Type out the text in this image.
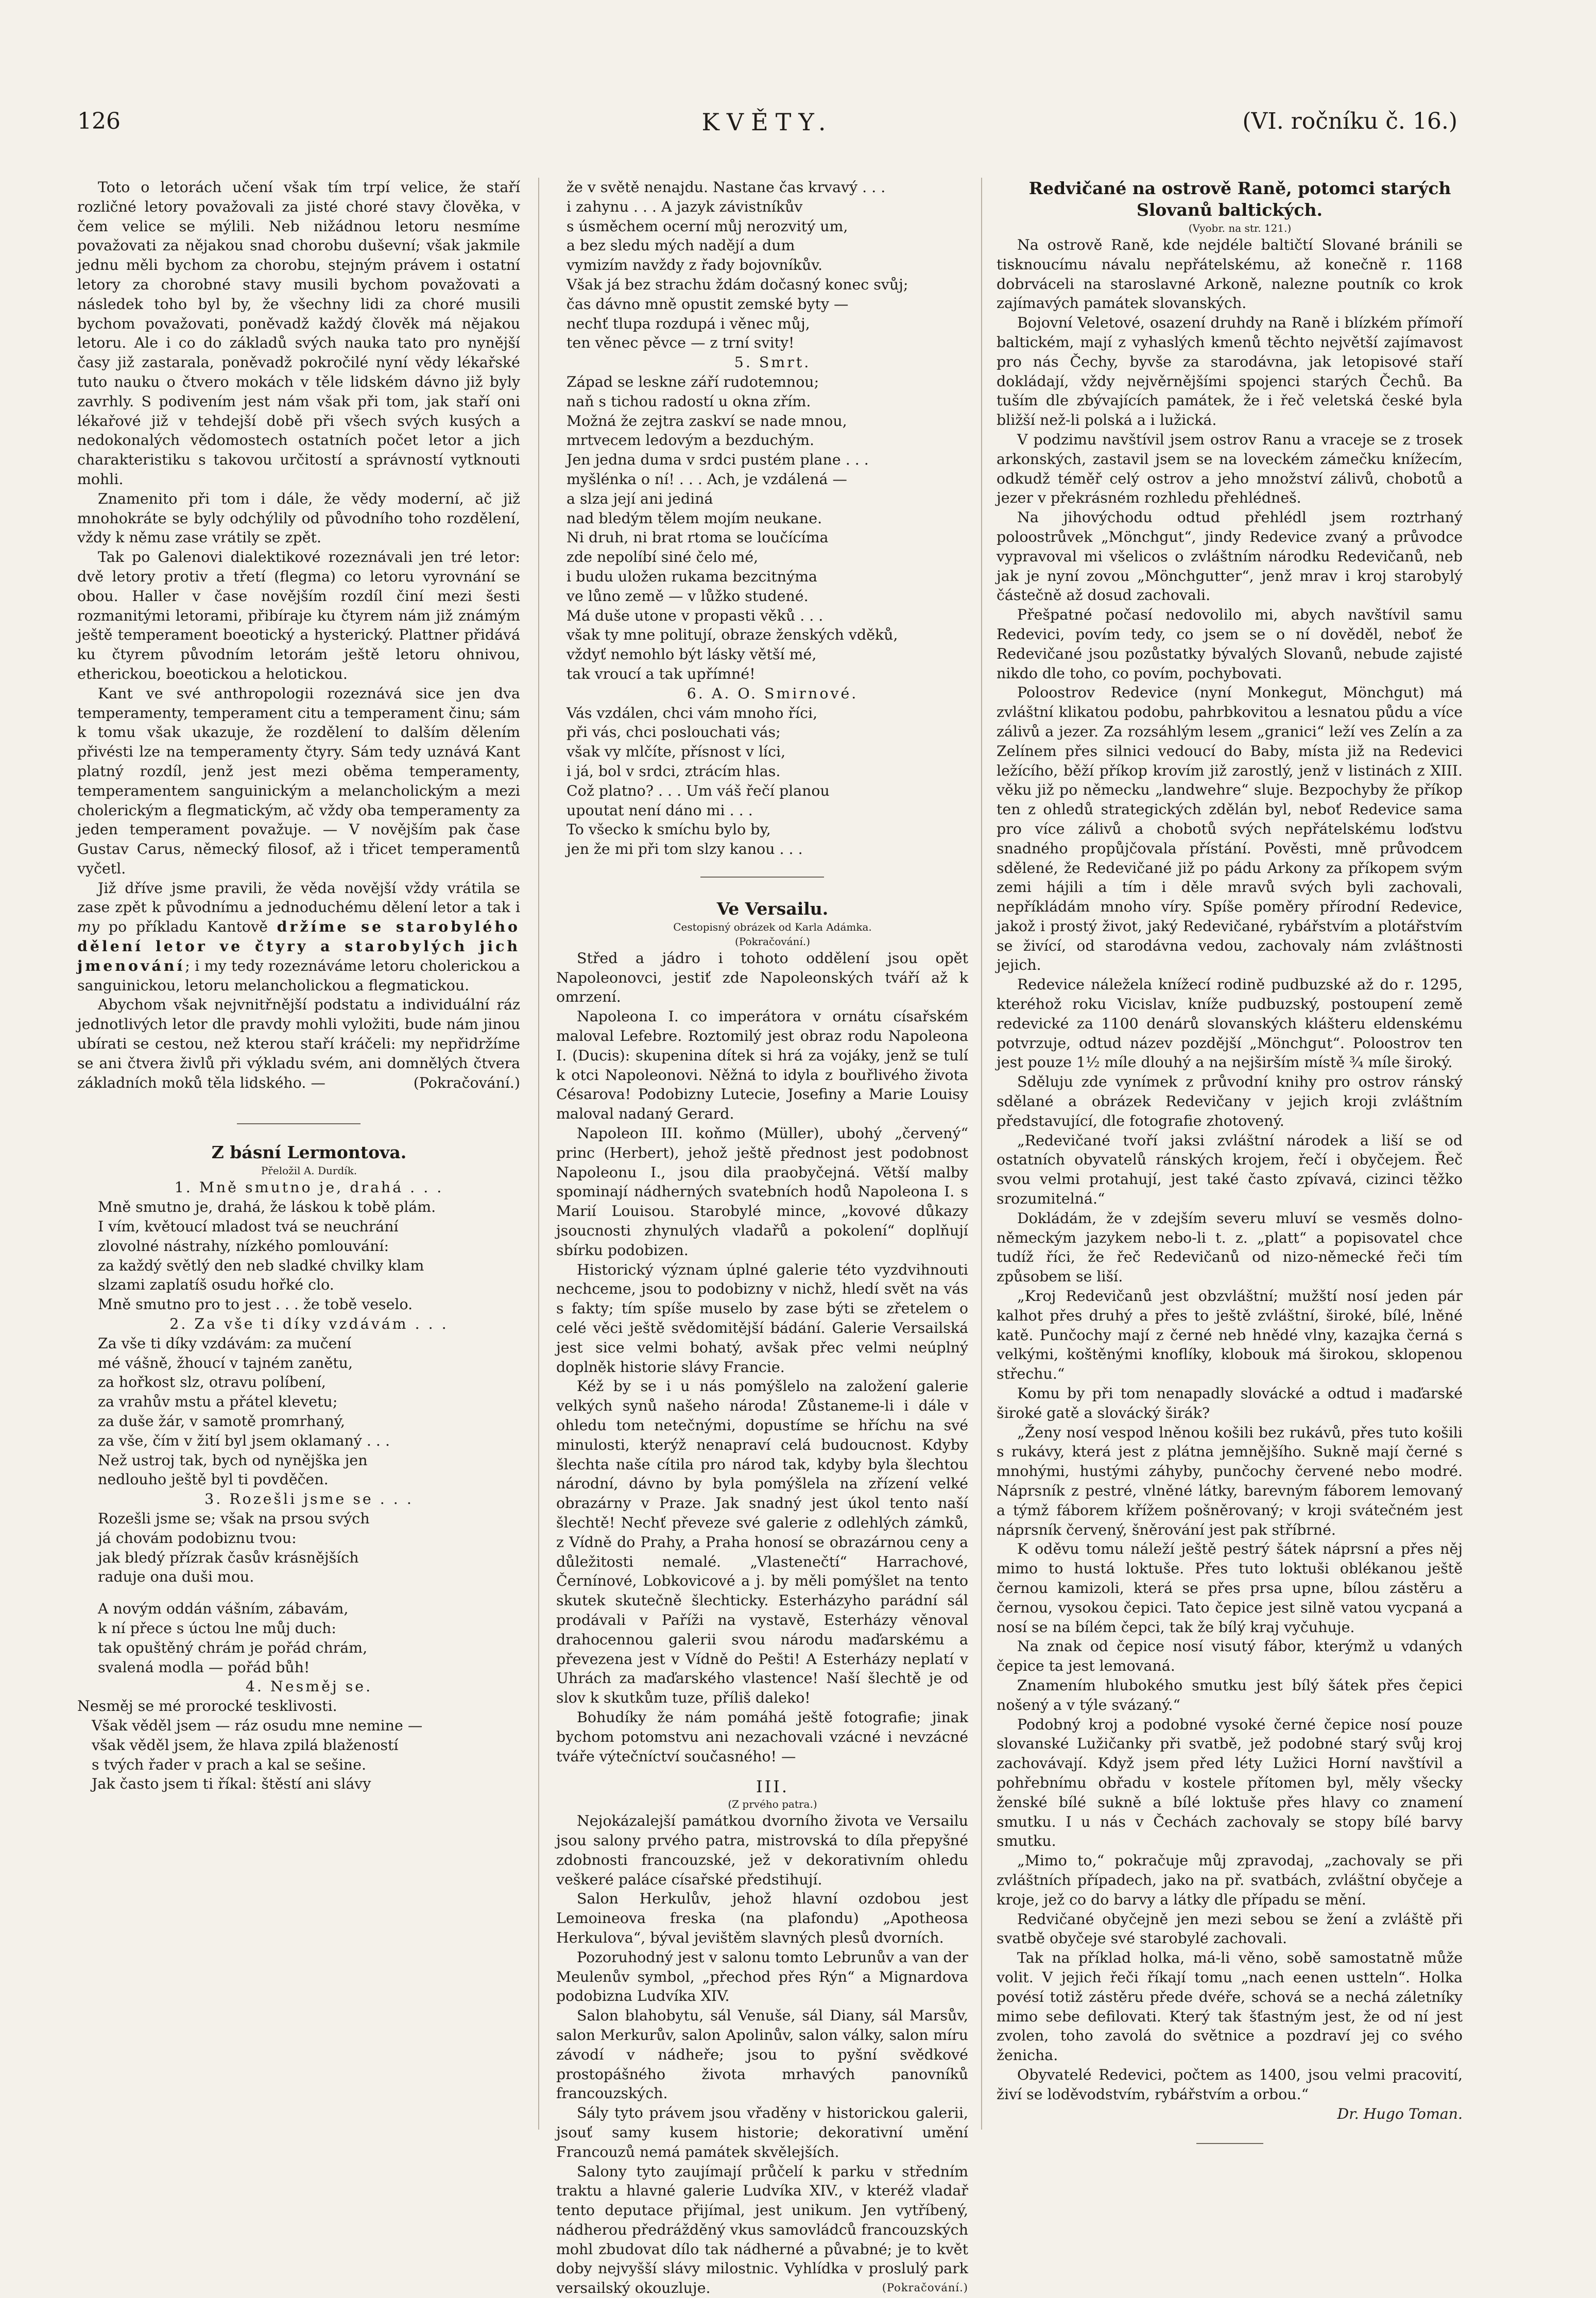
126	KVĚTY.	(VI. ročníku č. 16.)

Toto o letorách učení však tím trpí velice, že staří rozličné letory považovali za jisté choré stavy člověka, v čem velice se mýlili. Neb nižádnou letoru nesmíme považovati za nějakou snad chorobu duševní; však jakmile jednu měli bychom za chorobu, stejným právem i ostatní letory za chorobné stavy musili bychom považovati a následek toho byl by, že všechny lidi za choré musili bychom považovati, poněvadž každý člověk má nějakou letoru. Ale i co do základů svých nauka tato pro nynější časy již zastarala, poněvadž pokročilé nyní vědy lékařské tuto nauku o čtvero mokách v těle lidském dávno již byly zavrhly. S podivením jest nám však při tom, jak staří oni lékařové již v tehdejší době při všech svých kusých a nedokonalých vědomostech ostatních počet letor a jich charakteristiku s takovou určitostí a správností vytknouti mohli.

Znamenito při tom i dále, že vědy moderní, ač již mnohokráte se byly odchýlily od původního toho rozdělení, vždy k němu zase vrátily se zpět.

Tak po Galenovi dialektikové rozeznávali jen tré letor: dvě letory protiv a třetí (flegma) co letoru vyrovnání se obou. Haller v čase novějším rozdíl činí mezi šesti rozmanitými letorami, přibíraje ku čtyrem nám již známým ještě temperament boeotický a hysterický. Plattner přidává ku čtyrem původním letorám ještě letoru ohnivou, etherickou, boeotickou a helotickou.

Kant ve své anthropologii rozeznává sice jen dva temperamenty, temperament citu a temperament činu; sám k tomu však ukazuje, že rozdělení to dalším dělením přivésti lze na temperamenty čtyry. Sám tedy uznává Kant platný rozdíl, jenž jest mezi oběma temperamenty, temperamentem sanguinickým a melancholickým a mezi cholerickým a flegmatickým, ač vždy oba temperamenty za jeden temperament považuje. — V novějším pak čase Gustav Carus, německý filosof, až i třicet temperamentů vyčetl.

Již dříve jsme pravili, že věda novější vždy vrátila se zase zpět k původnímu a jednoduchému dělení letor a tak i my po příkladu Kantově držíme se starobylého dělení letor ve čtyry a starobylých jich jmenování; i my tedy rozeznáváme letoru cholerickou a sanguinickou, letoru melancholickou a flegmatickou.

Abychom však nejvnitřnější podstatu a individuální ráz jednotlivých letor dle pravdy mohli vyložiti, bude nám jinou ubírati se cestou, než kterou staří kráčeli: my nepřidržíme se ani čtvera živlů při výkladu svém, ani domnělých čtvera základních moků těla lidského. —	(Pokračování.)

Z básní Lermontova.

Přeložil A. Durdík.

1. Mně smutno je, drahá . . .

Mně smutno je, drahá, že láskou k tobě plám.
I vím, květoucí mladost tvá se neuchrání
zlovolné nástrahy, nízkého pomlouvání:
za každý světlý den neb sladké chvilky klam
slzami zaplatíš osudu hořké clo.
Mně smutno pro to jest . . . že tobě veselo.

2. Za vše ti díky vzdávám . . .

Za vše ti díky vzdávám: za mučení
mé vášně, žhoucí v tajném zanětu,
za hořkost slz, otravu políbení,
za vrahův mstu a přátel klevetu;
za duše žár, v samotě promrhaný,
za vše, čím v žití byl jsem oklamaný . . .
Než ustroj tak, bych od nynějška jen
nedlouho ještě byl ti povděčen.

3. Rozešli jsme se . . .

Rozešli jsme se; však na prsou svých
já chovám podobiznu tvou:
jak bledý přízrak časův krásnějších
raduje ona duši mou.
A novým oddán vášním, zábavám,
k ní přece s úctou lne můj duch:
tak opuštěný chrám je pořád chrám,
svalená modla — pořád bůh!

4. Nesměj se.

Nesměj se mé prorocké tesklivosti.
Však věděl jsem — ráz osudu mne nemine —
však věděl jsem, že hlava zpilá blažeností
s tvých řader v prach a kal se sešine.
Jak často jsem ti říkal: štěstí ani slávy
že v světě nenajdu. Nastane čas krvavý . . .
i zahynu . . . A jazyk závistníkův
s úsměchem ocerní můj nerozvitý um,
a bez sledu mých nadějí a dum
vymizím navždy z řady bojovníkův.
Však já bez strachu ždám dočasný konec svůj;
čas dávno mně opustit zemské byty —
nechť tlupa rozdupá i věnec můj,
ten věnec pěvce — z trní svity!

5. Smrt.

Západ se leskne září rudotemnou;
naň s tichou radostí u okna zřím.
Možná že zejtra zaskví se nade mnou,
mrtvecem ledovým a bezduchým.
Jen jedna duma v srdci pustém plane . . .
myšlénka o ní! . . . Ach, je vzdálená —
a slza její ani jediná
nad bledým tělem mojím neukane.
Ni druh, ni brat rtoma se loučícíma
zde nepolíbí siné čelo mé,
i budu uložen rukama bezcitnýma
ve lůno země — v lůžko studené.
Má duše utone v propasti věků . . .
však ty mne politují, obraze ženských vděků,
vždyť nemohlo být lásky větší mé,
tak vroucí a tak upřímné!

6. A. O. Smirnové.

Vás vzdálen, chci vám mnoho říci,
při vás, chci poslouchati vás;
však vy mlčíte, přísnost v líci,
i já, bol v srdci, ztrácím hlas.
Což platno? . . . Um váš řečí planou
upoutat není dáno mi . . .
To všecko k smíchu bylo by,
jen že mi při tom slzy kanou . . .

Ve Versailu.

Cestopisný obrázek od Karla Adámka.

(Pokračování.)

Střed a jádro i tohoto oddělení jsou opět Napoleonovci, jestiť zde Napoleonských tváří až k omrzení.

Napoleona I. co imperátora v ornátu císařském maloval Lefebre. Roztomilý jest obraz rodu Napoleona I. (Ducis): skupenina dítek si hrá za vojáky, jenž se tulí k otci Napoleonovi. Něžná to idyla z bouřlivého života Césarova! Podobizny Lutecie, Josefiny a Marie Louisy maloval nadaný Gerard.

Napoleon III. koňmo (Müller), ubohý „červený“ princ (Herbert), jehož ještě přednost jest podobnost Napoleonu I., jsou dila praobyčejná. Větší malby spominají nádherných svatebních hodů Napoleona I. s Marií Louisou. Starobylé mince, „kovové důkazy jsoucnosti zhynulých vladařů a pokolení“ doplňují sbírku podobizen.

Historický význam úplné galerie této vyzdvihnouti nechceme, jsou to podobizny v nichž, hledí svět na vás s fakty; tím spíše muselo by zase býti se zřetelem o celé věci ještě svědomitější bádání. Galerie Versailská jest sice velmi bohatý, avšak přec velmi neúplný doplněk historie slávy Francie.

Kéž by se i u nás pomýšlelo na založení galerie velkých synů našeho národa! Zůstaneme-li i dále v ohledu tom netečnými, dopustíme se hříchu na své minulosti, kterýž nenapraví celá budoucnost. Kdyby šlechta naše cítila pro národ tak, kdyby byla šlechtou národní, dávno by byla pomýšlela na zřízení velké obrazárny v Praze. Jak snadný jest úkol tento naší šlechtě! Nechť převeze své galerie z odlehlých zámků, z Vídně do Prahy, a Praha honosí se obrazárnou ceny a důležitosti nemalé. „Vlastenečtí“ Harrachové, Černínové, Lobkovicové a j. by měli pomýšlet na tento skutek skutečně šlechticky. Esterházyho parádní sál prodávali v Paříži na vystavě, Esterházy věnoval drahocennou galerii svou národu maďarskému a převezena jest v Vídně do Pešti! A Esterházy neplatí v Uhrách za maďarského vlastence! Naší šlechtě je od slov k skutkům tuze, příliš daleko!

Bohudíky že nám pomáhá ještě fotografie; jinak bychom potomstvu ani nezachovali vzácné i nevzácné tváře výtečníctví současného! —

III.

(Z prvého patra.)

Nejokázalejší památkou dvorního života ve Versailu jsou salony prvého patra, mistrovská to díla přepyšné zdobnosti francouzské, jež v dekorativním ohledu veškeré paláce císařské předstihují.

Salon Herkulův, jehož hlavní ozdobou jest Lemoineova freska (na plafondu) „Apotheosa Herkulova“, býval jevištěm slavných plesů dvorních.

Pozoruhodný jest v salonu tomto Lebrunův a van der Meulenův symbol, „přechod přes Rýn“ a Mignardova podobizna Ludvíka XIV.

Salon blahobytu, sál Venuše, sál Diany, sál Marsův, salon Merkurův, salon Apolinův, salon války, salon míru závodí v nádheře; jsou to pyšní svědkové prostopášného života mrhavých panovníků francouzských.

Sály tyto právem jsou vřaděny v historickou galerii, jsouť samy kusem historie; dekorativní umění Francouzů nemá památek skvělejších.

Salony tyto zaujímají průčelí k parku v středním traktu a hlavné galerie Ludvíka XIV., v kteréž vladař tento deputace přijímal, jest unikum. Jen vytříbený, nádherou předrážděný vkus samovládců francouzských mohl zbudovat dílo tak nádherné a půvabné; je to květ doby nejvyšší slávy milostnic. Vyhlídka v proslulý park versailský okouzluje.	(Pokračování.)

Redvičané na ostrově Raně, potomci starých Slovanů baltických.

(Vyobr. na str. 121.)

Na ostrově Raně, kde nejdéle baltičtí Slované bránili se tisknoucímu návalu nepřátelskému, až konečně r. 1168 dobrváceli na staroslavné Arkoně, nalezne poutník co krok zajímavých památek slovanských.

Bojovní Veletové, osazení druhdy na Raně i blízkém přímoří baltickém, mají z vyhaslých kmenů těchto největší zajímavost pro nás Čechy, byvše za starodávna, jak letopisové staří dokládají, vždy nejvěrnějšími spojenci starých Čechů. Ba tuším dle zbývajících památek, že i řeč veletská české byla bližší než-li polská a i lužická.

V podzimu navštívil jsem ostrov Ranu a vraceje se z trosek arkonských, zastavil jsem se na loveckém zámečku knížecím, odkudž téměř celý ostrov a jeho množství zálivů, chobotů a jezer v překrásném rozhledu přehlédneš.

Na jihovýchodu odtud přehlédl jsem roztrhaný poloostrůvek „Mönchgut“, jindy Redevice zvaný a průvodce vypravoval mi všelicos o zvláštním národku Redevičanů, neb jak je nyní zovou „Mönchgutter“, jenž mrav i kroj starobylý částečně až dosud zachovali.

Přešpatné počasí nedovolilo mi, abych navštívil samu Redevici, povím tedy, co jsem se o ní dověděl, neboť že Redevičané jsou pozůstatky bývalých Slovanů, nebude zajisté nikdo dle toho, co povím, pochybovati.

Poloostrov Redevice (nyní Monkegut, Mönchgut) má zvláštní klikatou podobu, pahrbkovitou a lesnatou půdu a více zálivů a jezer. Za rozsáhlým lesem „granici“ leží ves Zelín a za Zelínem přes silnici vedoucí do Baby, místa již na Redevici ležícího, běží příkop krovím již zarostlý, jenž v listinách z XIII. věku již po německu „landwehre“ sluje. Bezpochyby že příkop ten z ohledů strategických zdělán byl, neboť Redevice sama pro více zálivů a chobotů svých nepřátelskému loďstvu snadného propůjčovala přístání. Pověsti, mně průvodcem sdělené, že Redevičané již po pádu Arkony za příkopem svým zemi hájili a tím i děle mravů svých byli zachovali, nepříkládám mnoho víry. Spíše poměry přírodní Redevice, jakož i prostý život, jaký Redevičané, rybářstvím a plotářstvím se živící, od starodávna vedou, zachovaly nám zvláštnosti jejich.

Redevice náležela knížecí rodině pudbuzské až do r. 1295, kteréhož roku Vicislav, kníže pudbuzský, postoupení země redevické za 1100 denárů slovanských klášteru eldenskému potvrzuje, odtud název pozdější „Mönchgut“. Poloostrov ten jest pouze 1½ míle dlouhý a na nejširším místě ¾ míle široký.

Sděluju zde vynímek z průvodní knihy pro ostrov ránský sdělané a obrázek Redevičany v jejich kroji zvláštním představující, dle fotografie zhotovený.

„Redevičané tvoří jaksi zvláštní národek a liší se od ostatních obyvatelů ránských krojem, řečí i obyčejem. Řeč svou velmi protahují, jest také často zpívavá, cizinci těžko srozumitelná.“

Dokládám, že v zdejším severu mluví se vesměs dolno-německým jazykem nebo-li t. z. „platt“ a popisovatel chce tudíž říci, že řeč Redevičanů od nizo-německé řeči tím způsobem se liší.

„Kroj Redevičanů jest obzvláštní; mužští nosí jeden pár kalhot přes druhý a přes to ještě zvláštní, široké, bílé, lněné katě. Punčochy mají z černé neb hnědé vlny, kazajka černá s velkými, koštěnými knoflíky, klobouk má širokou, sklopenou střechu.“

Komu by při tom nenapadly slovácké a odtud i maďarské široké gatě a slovácký širák?

„Ženy nosí vespod lněnou košili bez rukávů, přes tuto košili s rukávy, která jest z plátna jemnějšího. Sukně mají černé s mnohými, hustými záhyby, punčochy červené nebo modré. Náprsník z pestré, vlněné látky, barevným fáborem lemovaný a týmž fáborem křížem pošněrovaný; v kroji svátečném jest náprsník červený, šněrování jest pak stříbrné.

K oděvu tomu náleží ještě pestrý šátek náprsní a přes něj mimo to hustá loktuše. Přes tuto loktuši oblékanou ještě černou kamizoli, která se přes prsa upne, bílou zástěru a černou, vysokou čepici. Tato čepice jest silně vatou vycpaná a nosí se na bílém čepci, tak že bílý kraj vyčuhuje.

Na znak od čepice nosí visutý fábor, kterýmž u vdaných čepice ta jest lemovaná.

Znamením hlubokého smutku jest bílý šátek přes čepici nošený a v týle svázaný.“

Podobný kroj a podobné vysoké černé čepice nosí pouze slovanské Lužičanky při svatbě, jež podobné starý svůj kroj zachovávají. Když jsem před léty Lužici Horní navštívil a pohřebnímu obřadu v kostele přítomen byl, měly všecky ženské bílé sukně a bílé loktuše přes hlavy co znamení smutku. I u nás v Čechách zachovaly se stopy bílé barvy smutku.

„Mimo to,“ pokračuje můj zpravodaj, „zachovaly se při zvláštních případech, jako na př. svatbách, zvláštní obyčeje a kroje, jež co do barvy a látky dle případu se mění.

Redvičané obyčejně jen mezi sebou se žení a zvláště při svatbě obyčeje své starobylé zachovali.

Tak na příklad holka, má-li věno, sobě samostatně může volit. V jejich řeči říkají tomu „nach eenen ustteln“. Holka povésí totiž zástěru přede dvéře, schová se a nechá záletníky mimo sebe defilovati. Který tak šťastným jest, že od ní jest zvolen, toho zavolá do světnice a pozdraví jej co svého ženicha.

Obyvatelé Redevici, počtem as 1400, jsou velmi pracovití, živí se loděvodstvím, rybářstvím a orbou.“

Dr. Hugo Toman.
